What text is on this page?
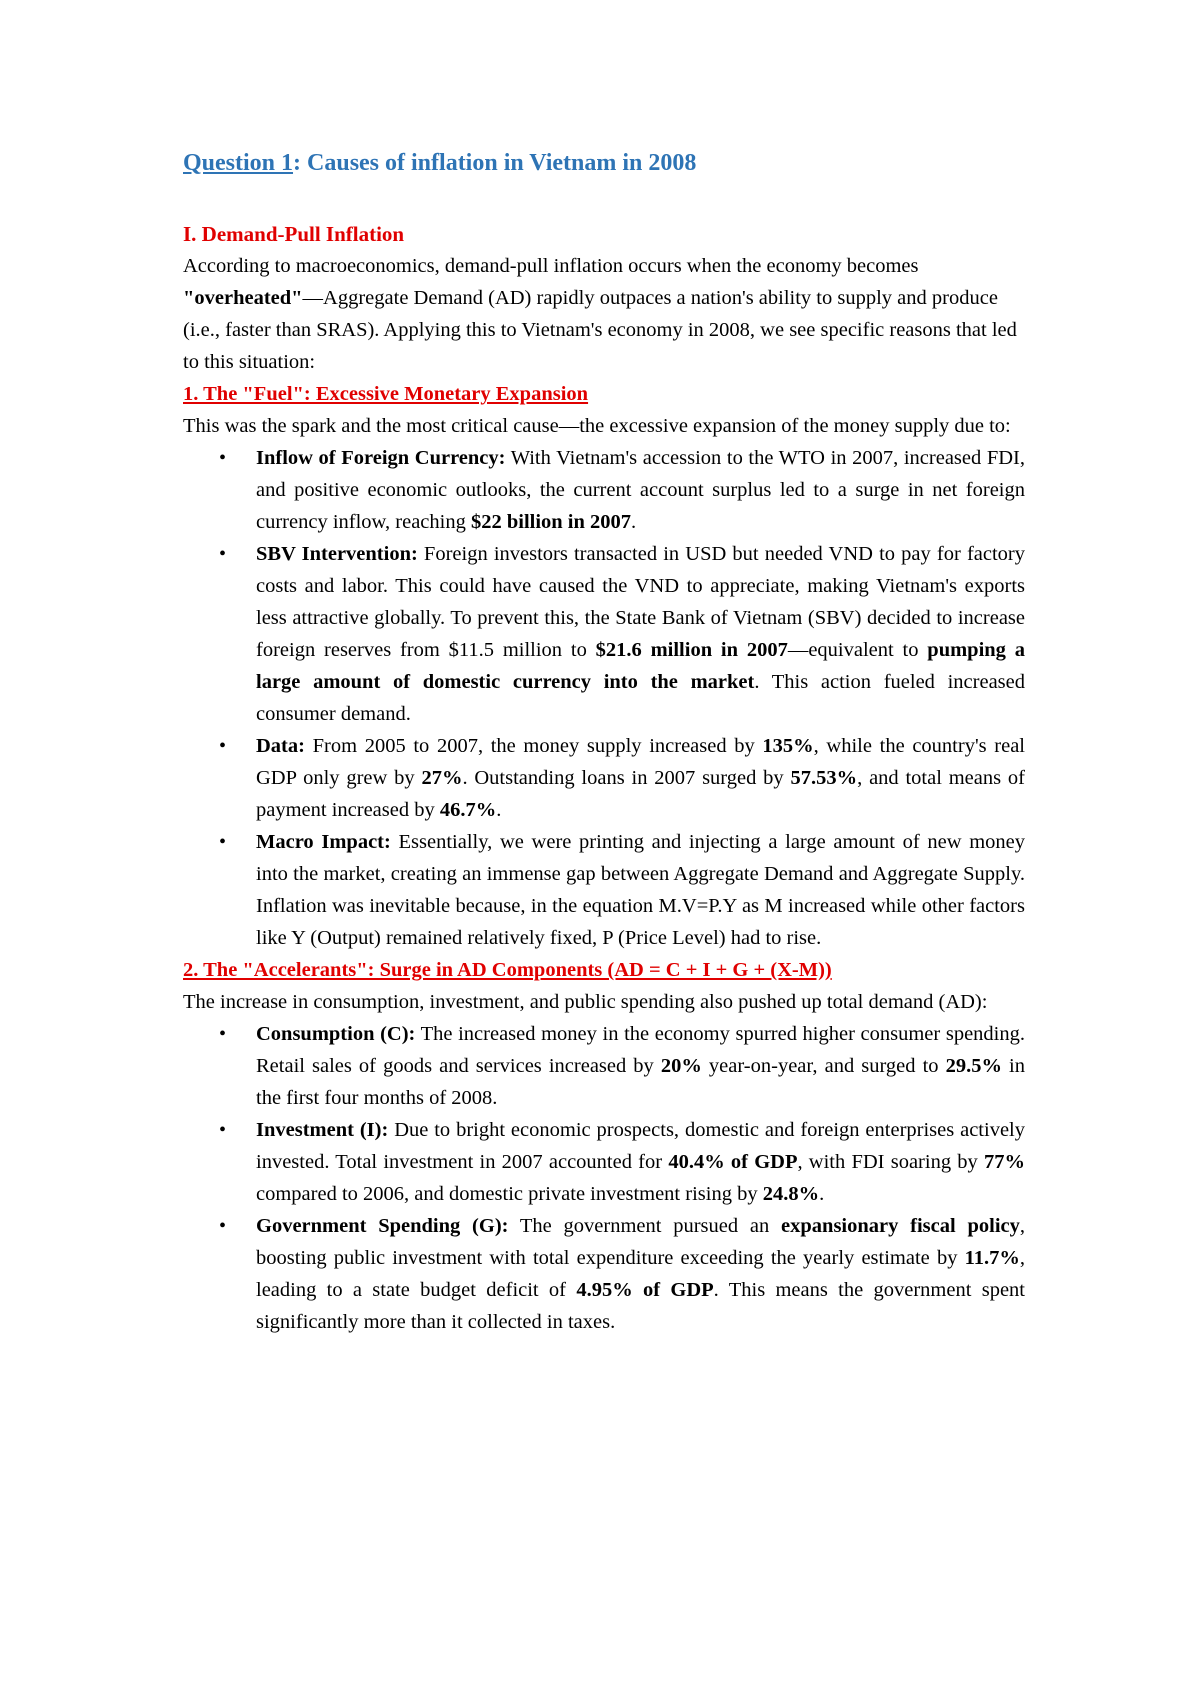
Question 1: Causes of inflation in Vietnam in 2008
I. Demand-Pull Inflation

According to macroeconomics, demand-pull inflation occurs when the economy becomes "overheated"—Aggregate Demand (AD) rapidly outpaces a nation's ability to supply and produce (i.e., faster than SRAS). Applying this to Vietnam's economy in 2008, we see specific reasons that led to this situation:

1. The "Fuel": Excessive Monetary Expansion

This was the spark and the most critical cause—the excessive expansion of the money supply due to:

• Inflow of Foreign Currency: With Vietnam's accession to the WTO in 2007, increased FDI, and positive economic outlooks, the current account surplus led to a surge in net foreign currency inflow, reaching $22 billion in 2007.
• SBV Intervention: Foreign investors transacted in USD but needed VND to pay for factory costs and labor. This could have caused the VND to appreciate, making Vietnam's exports less attractive globally. To prevent this, the State Bank of Vietnam (SBV) decided to increase foreign reserves from $11.5 million to $21.6 million in 2007—equivalent to pumping a large amount of domestic currency into the market. This action fueled increased consumer demand.
• Data: From 2005 to 2007, the money supply increased by 135%, while the country's real GDP only grew by 27%. Outstanding loans in 2007 surged by 57.53%, and total means of payment increased by 46.7%.
• Macro Impact: Essentially, we were printing and injecting a large amount of new money into the market, creating an immense gap between Aggregate Demand and Aggregate Supply. Inflation was inevitable because, in the equation M.V=P.Y as M increased while other factors like Y (Output) remained relatively fixed, P (Price Level) had to rise.
2. The "Accelerants": Surge in AD Components (AD = C + I + G + (X-M))

The increase in consumption, investment, and public spending also pushed up total demand (AD):

• Consumption (C): The increased money in the economy spurred higher consumer spending. Retail sales of goods and services increased by 20% year-on-year, and surged to 29.5% in the first four months of 2008.
• Investment (I): Due to bright economic prospects, domestic and foreign enterprises actively invested. Total investment in 2007 accounted for 40.4% of GDP, with FDI soaring by 77% compared to 2006, and domestic private investment rising by 24.8%.
• Government Spending (G): The government pursued an expansionary fiscal policy, boosting public investment with total expenditure exceeding the yearly estimate by 11.7%, leading to a state budget deficit of 4.95% of GDP. This means the government spent significantly more than it collected in taxes.
